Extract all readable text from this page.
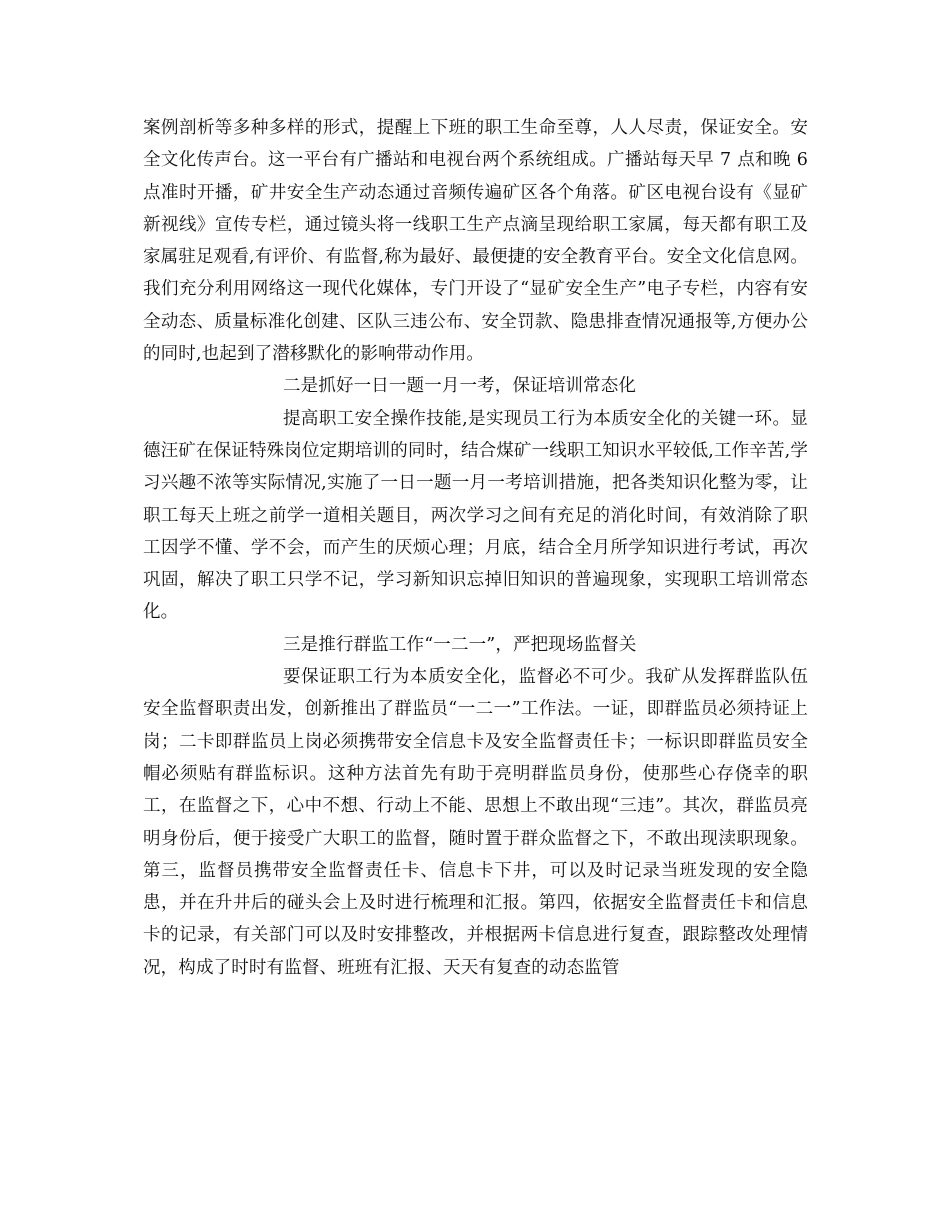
案例剖析等多种多样的形式，提醒上下班的职工生命至尊，人人尽责，保证安全。安全文化传声台。这一平台有广播站和电视台两个系统组成。广播站每天早 7 点和晚 6 点准时开播，矿井安全生产动态通过音频传遍矿区各个角落。矿区电视台设有《显矿新视线》宣传专栏，通过镜头将一线职工生产点滴呈现给职工家属，每天都有职工及家属驻足观看,有评价、有监督,称为最好、最便捷的安全教育平台。安全文化信息网。我们充分利用网络这一现代化媒体，专门开设了“显矿安全生产”电子专栏，内容有安全动态、质量标准化创建、区队三违公布、安全罚款、隐患排查情况通报等,方便办公的同时,也起到了潜移默化的影响带动作用。

二是抓好一日一题一月一考，保证培训常态化

提高职工安全操作技能,是实现员工行为本质安全化的关键一环。显德汪矿在保证特殊岗位定期培训的同时，结合煤矿一线职工知识水平较低,工作辛苦,学习兴趣不浓等实际情况,实施了一日一题一月一考培训措施，把各类知识化整为零，让职工每天上班之前学一道相关题目，两次学习之间有充足的消化时间，有效消除了职工因学不懂、学不会，而产生的厌烦心理；月底，结合全月所学知识进行考试，再次巩固，解决了职工只学不记，学习新知识忘掉旧知识的普遍现象，实现职工培训常态化。

三是推行群监工作“一二一”，严把现场监督关

要保证职工行为本质安全化，监督必不可少。我矿从发挥群监队伍安全监督职责出发，创新推出了群监员“一二一”工作法。一证，即群监员必须持证上岗；二卡即群监员上岗必须携带安全信息卡及安全监督责任卡；一标识即群监员安全帽必须贴有群监标识。这种方法首先有助于亮明群监员身份，使那些心存侥幸的职工，在监督之下，心中不想、行动上不能、思想上不敢出现“三违”。其次，群监员亮明身份后，便于接受广大职工的监督，随时置于群众监督之下，不敢出现渎职现象。第三，监督员携带安全监督责任卡、信息卡下井，可以及时记录当班发现的安全隐患，并在升井后的碰头会上及时进行梳理和汇报。第四，依据安全监督责任卡和信息卡的记录，有关部门可以及时安排整改，并根据两卡信息进行复查，跟踪整改处理情况，构成了时时有监督、班班有汇报、天天有复查的动态监管
